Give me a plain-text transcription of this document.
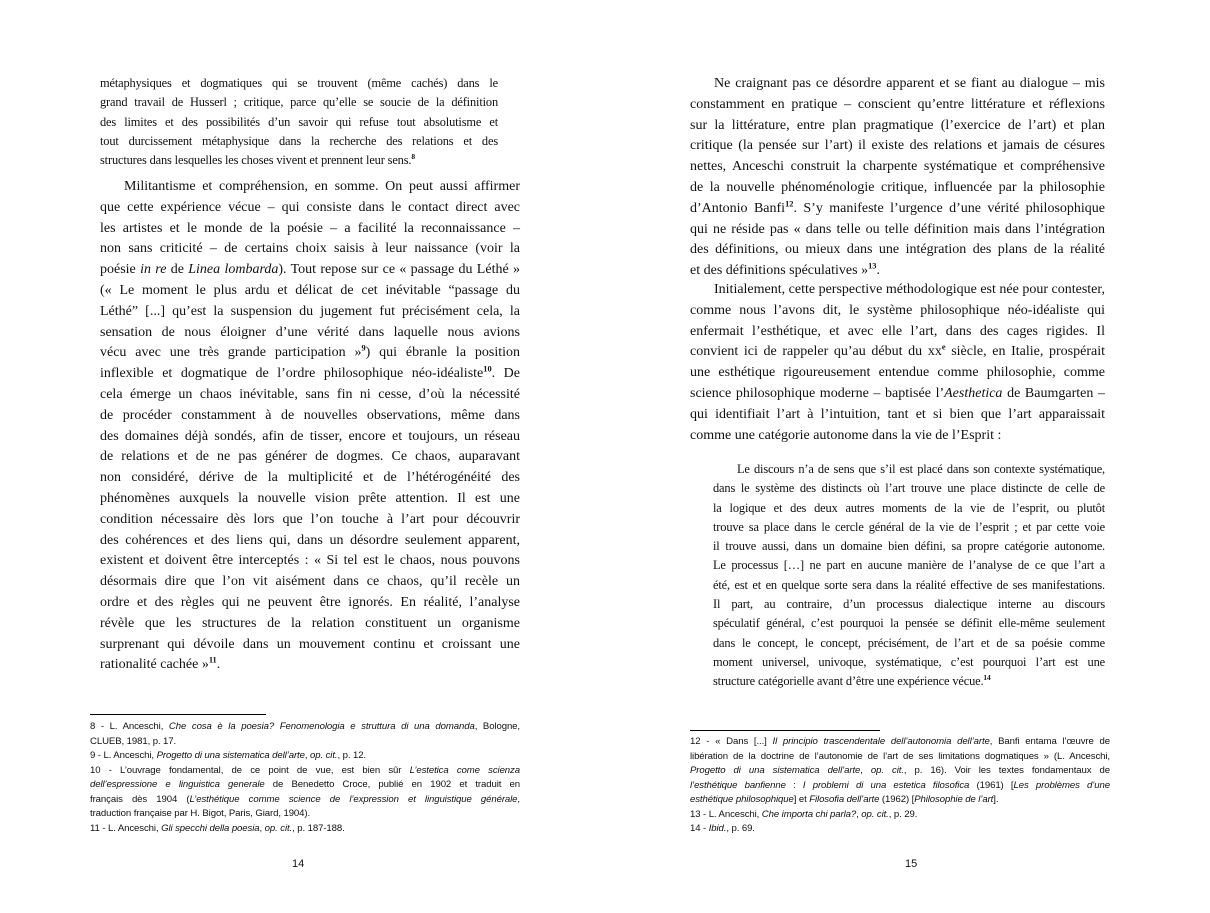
métaphysiques et dogmatiques qui se trouvent (même cachés) dans le
grand travail de Husserl ; critique, parce qu’elle se soucie de la définition
des limites et des possibilités d’un savoir qui refuse tout absolutisme et
tout durcissement métaphysique dans la recherche des relations et des
structures dans lesquelles les choses vivent et prennent leur sens.$^8$
Militantisme et compréhension, en somme. On peut aussi affirmer
que cette expérience vécue – qui consiste dans le contact direct avec
les artistes et le monde de la poésie – a facilité la reconnaissance –
non sans criticité – de certains choix saisis à leur naissance (voir la
poésie in re de Linea lombarda). Tout repose sur ce « passage du Léthé »
(« Le moment le plus ardu et délicat de cet inévitable “passage du
Léthé” [...] qu’est la suspension du jugement fut précisément cela, la
sensation de nous éloigner d’une vérité dans laquelle nous avions
vécu avec une très grande participation »$^9$) qui ébranle la position
inflexible et dogmatique de l’ordre philosophique néo-idéaliste$^{10}$. De
cela émerge un chaos inévitable, sans fin ni cesse, d’où la nécessité
de procéder constamment à de nouvelles observations, même dans
des domaines déjà sondés, afin de tisser, encore et toujours, un réseau
de relations et de ne pas générer de dogmes. Ce chaos, auparavant
non considéré, dérive de la multiplicité et de l’hétérogénéité des
phénomènes auxquels la nouvelle vision prête attention. Il est une
condition nécessaire dès lors que l’on touche à l’art pour découvrir
des cohérences et des liens qui, dans un désordre seulement apparent,
existent et doivent être interceptés : « Si tel est le chaos, nous pouvons
désormais dire que l’on vit aisément dans ce chaos, qu’il recèle un
ordre et des règles qui ne peuvent être ignorés. En réalité, l’analyse
révèle que les structures de la relation constituent un organisme
surprenant qui dévoile dans un mouvement continu et croissant une
rationalité cachée »$^{11}$.
8 - L. Anceschi, Che cosa è la poesia? Fenomenologia e struttura di una domanda, Bologne,
CLUEB, 1981, p. 17.
9 - L. Anceschi, Progetto di una sistematica dell’arte, op. cit., p. 12.
10 - L’ouvrage fondamental, de ce point de vue, est bien sûr L’estetica come scienza
dell’espressione e linguistica generale de Benedetto Croce, publié en 1902 et traduit en
français dès 1904 (L’esthétique comme science de l’expression et linguistique générale,
traduction française par H. Bigot, Paris, Giard, 1904).
11 - L. Anceschi, Gli specchi della poesia, op. cit., p. 187-188.
14
Ne craignant pas ce désordre apparent et se fiant au dialogue – mis
constamment en pratique – conscient qu’entre littérature et réflexions
sur la littérature, entre plan pragmatique (l’exercice de l’art) et plan
critique (la pensée sur l’art) il existe des relations et jamais de césures
nettes, Anceschi construit la charpente systématique et compréhensive
de la nouvelle phénoménologie critique, influencée par la philosophie
d’Antonio Banfi$^{12}$. S’y manifeste l’urgence d’une vérité philosophique
qui ne réside pas « dans telle ou telle définition mais dans l’intégration
des définitions, ou mieux dans une intégration des plans de la réalité
et des définitions spéculatives »$^{13}$.
Initialement, cette perspective méthodologique est née pour contester,
comme nous l’avons dit, le système philosophique néo-idéaliste qui
enfermait l’esthétique, et avec elle l’art, dans des cages rigides. Il
convient ici de rappeler qu’au début du $xx^e$ siècle, en Italie, prospérait
une esthétique rigoureusement entendue comme philosophie, comme
science philosophique moderne – baptisée l’Aesthetica de Baumgarten –
qui identifiait l’art à l’intuition, tant et si bien que l’art apparaissait
comme une catégorie autonome dans la vie de l’Esprit :
Le discours n’a de sens que s’il est placé dans son contexte systématique,
dans le système des distincts où l’art trouve une place distincte de celle de
la logique et des deux autres moments de la vie de l’esprit, ou plutôt
trouve sa place dans le cercle général de la vie de l’esprit ; et par cette voie
il trouve aussi, dans un domaine bien défini, sa propre catégorie autonome.
Le processus […] ne part en aucune manière de l’analyse de ce que l’art a
été, est et en quelque sorte sera dans la réalité effective de ses manifestations.
Il part, au contraire, d’un processus dialectique interne au discours
spéculatif général, c’est pourquoi la pensée se définit elle-même seulement
dans le concept, le concept, précisément, de l’art et de sa poésie comme
moment universel, univoque, systématique, c’est pourquoi l’art est une
structure catégorielle avant d’être une expérience vécue.$^{14}$
12 - « Dans [...] Il principio trascendentale dell’autonomia dell’arte, Banfi entama l’œuvre de
libération de la doctrine de l’autonomie de l’art de ses limitations dogmatiques » (L. Anceschi,
Progetto di una sistematica dell’arte, op. cit., p. 16). Voir les textes fondamentaux de
l’esthétique banfienne : I problemi di una estetica filosofica (1961) [Les problèmes d’une
esthétique philosophique] et Filosofia dell’arte (1962) [Philosophie de l’art].
13 - L. Anceschi, Che importa chi parla?, op. cit., p. 29.
14 - Ibid., p. 69.
15
